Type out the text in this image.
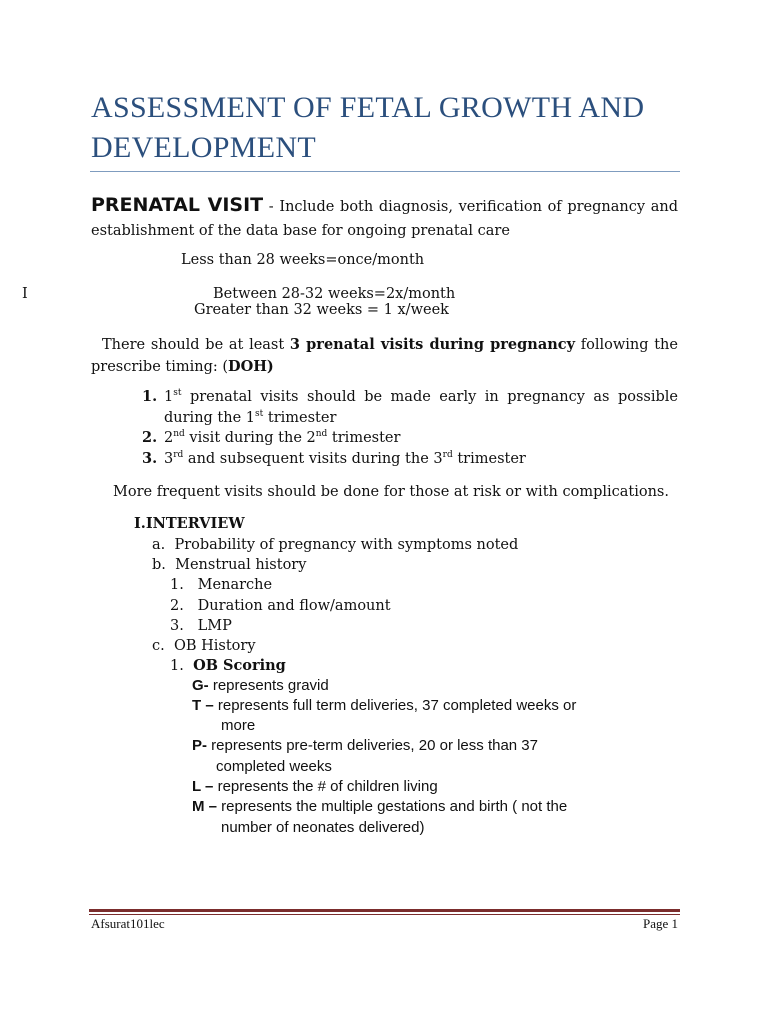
ASSESSMENT OF FETAL GROWTH AND DEVELOPMENT
PRENATAL VISIT - Include both diagnosis, verification of pregnancy and establishment of the data base for ongoing prenatal care
Less than 28 weeks=once/month
I	Between 28-32 weeks=2x/month
Greater than 32 weeks = 1 x/week
There should be at least 3 prenatal visits during pregnancy following the prescribe timing: (DOH)
1. 1st prenatal visits should be made early in pregnancy as possible
during the 1st trimester
2. 2nd visit during the 2nd trimester
3. 3rd and subsequent visits during the 3rd trimester
More frequent visits should be done for those at risk or with complications.
I.INTERVIEW
a. Probability of pregnancy with symptoms noted
b. Menstrual history
1. Menarche
2. Duration and flow/amount
3. LMP
c. OB History
1. OB Scoring
G- represents gravid
T – represents full term deliveries, 37 completed weeks or
more
P- represents pre-term deliveries, 20 or less than 37
completed weeks
L – represents the # of children living
M – represents the multiple gestations and birth ( not the
number of neonates delivered)
Afsurat101lec	Page 1
